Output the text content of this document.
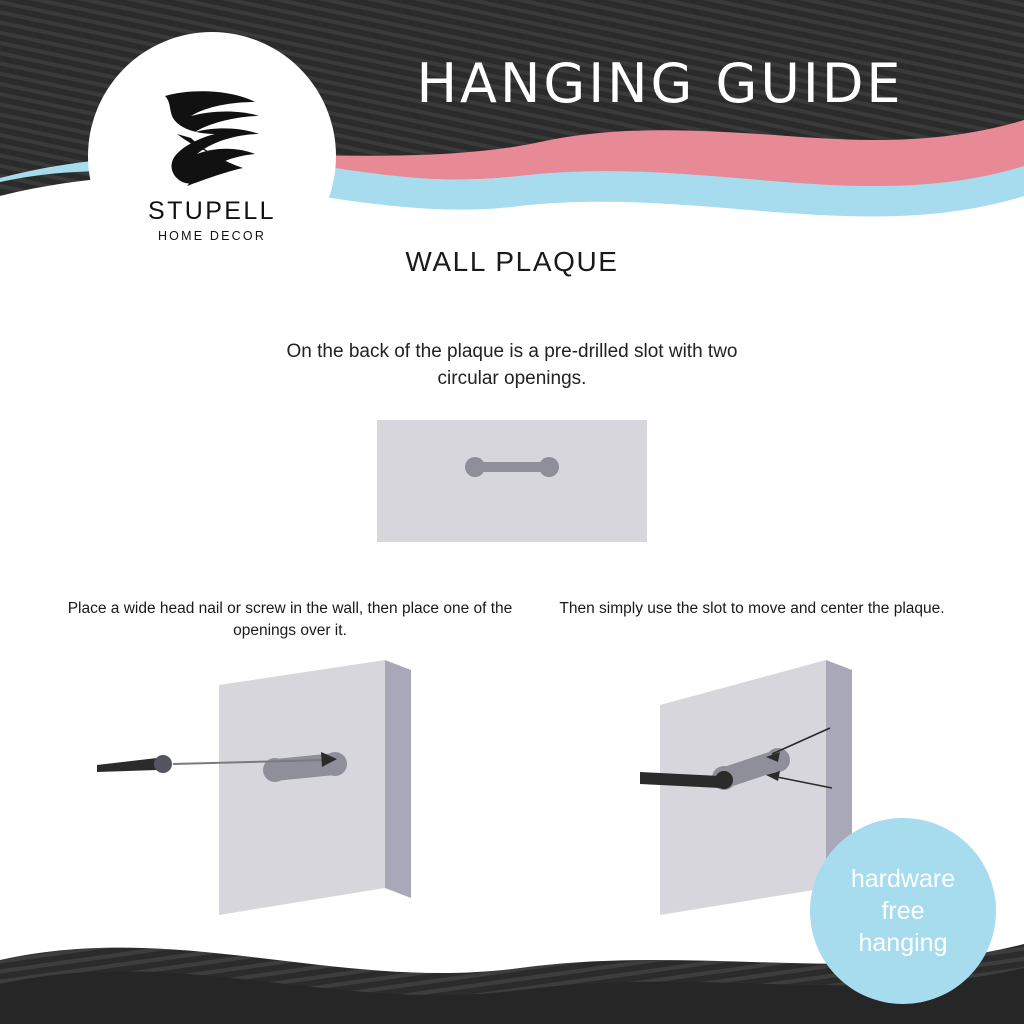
STUPELL
HOME DECOR
HANGING GUIDE
WALL PLAQUE
On the back of the plaque is a pre-drilled slot with two circular openings.
Place a wide head nail or screw in the wall, then place one of the openings over it.
Then simply use the slot to move and center the plaque.
hardware
free
hanging
